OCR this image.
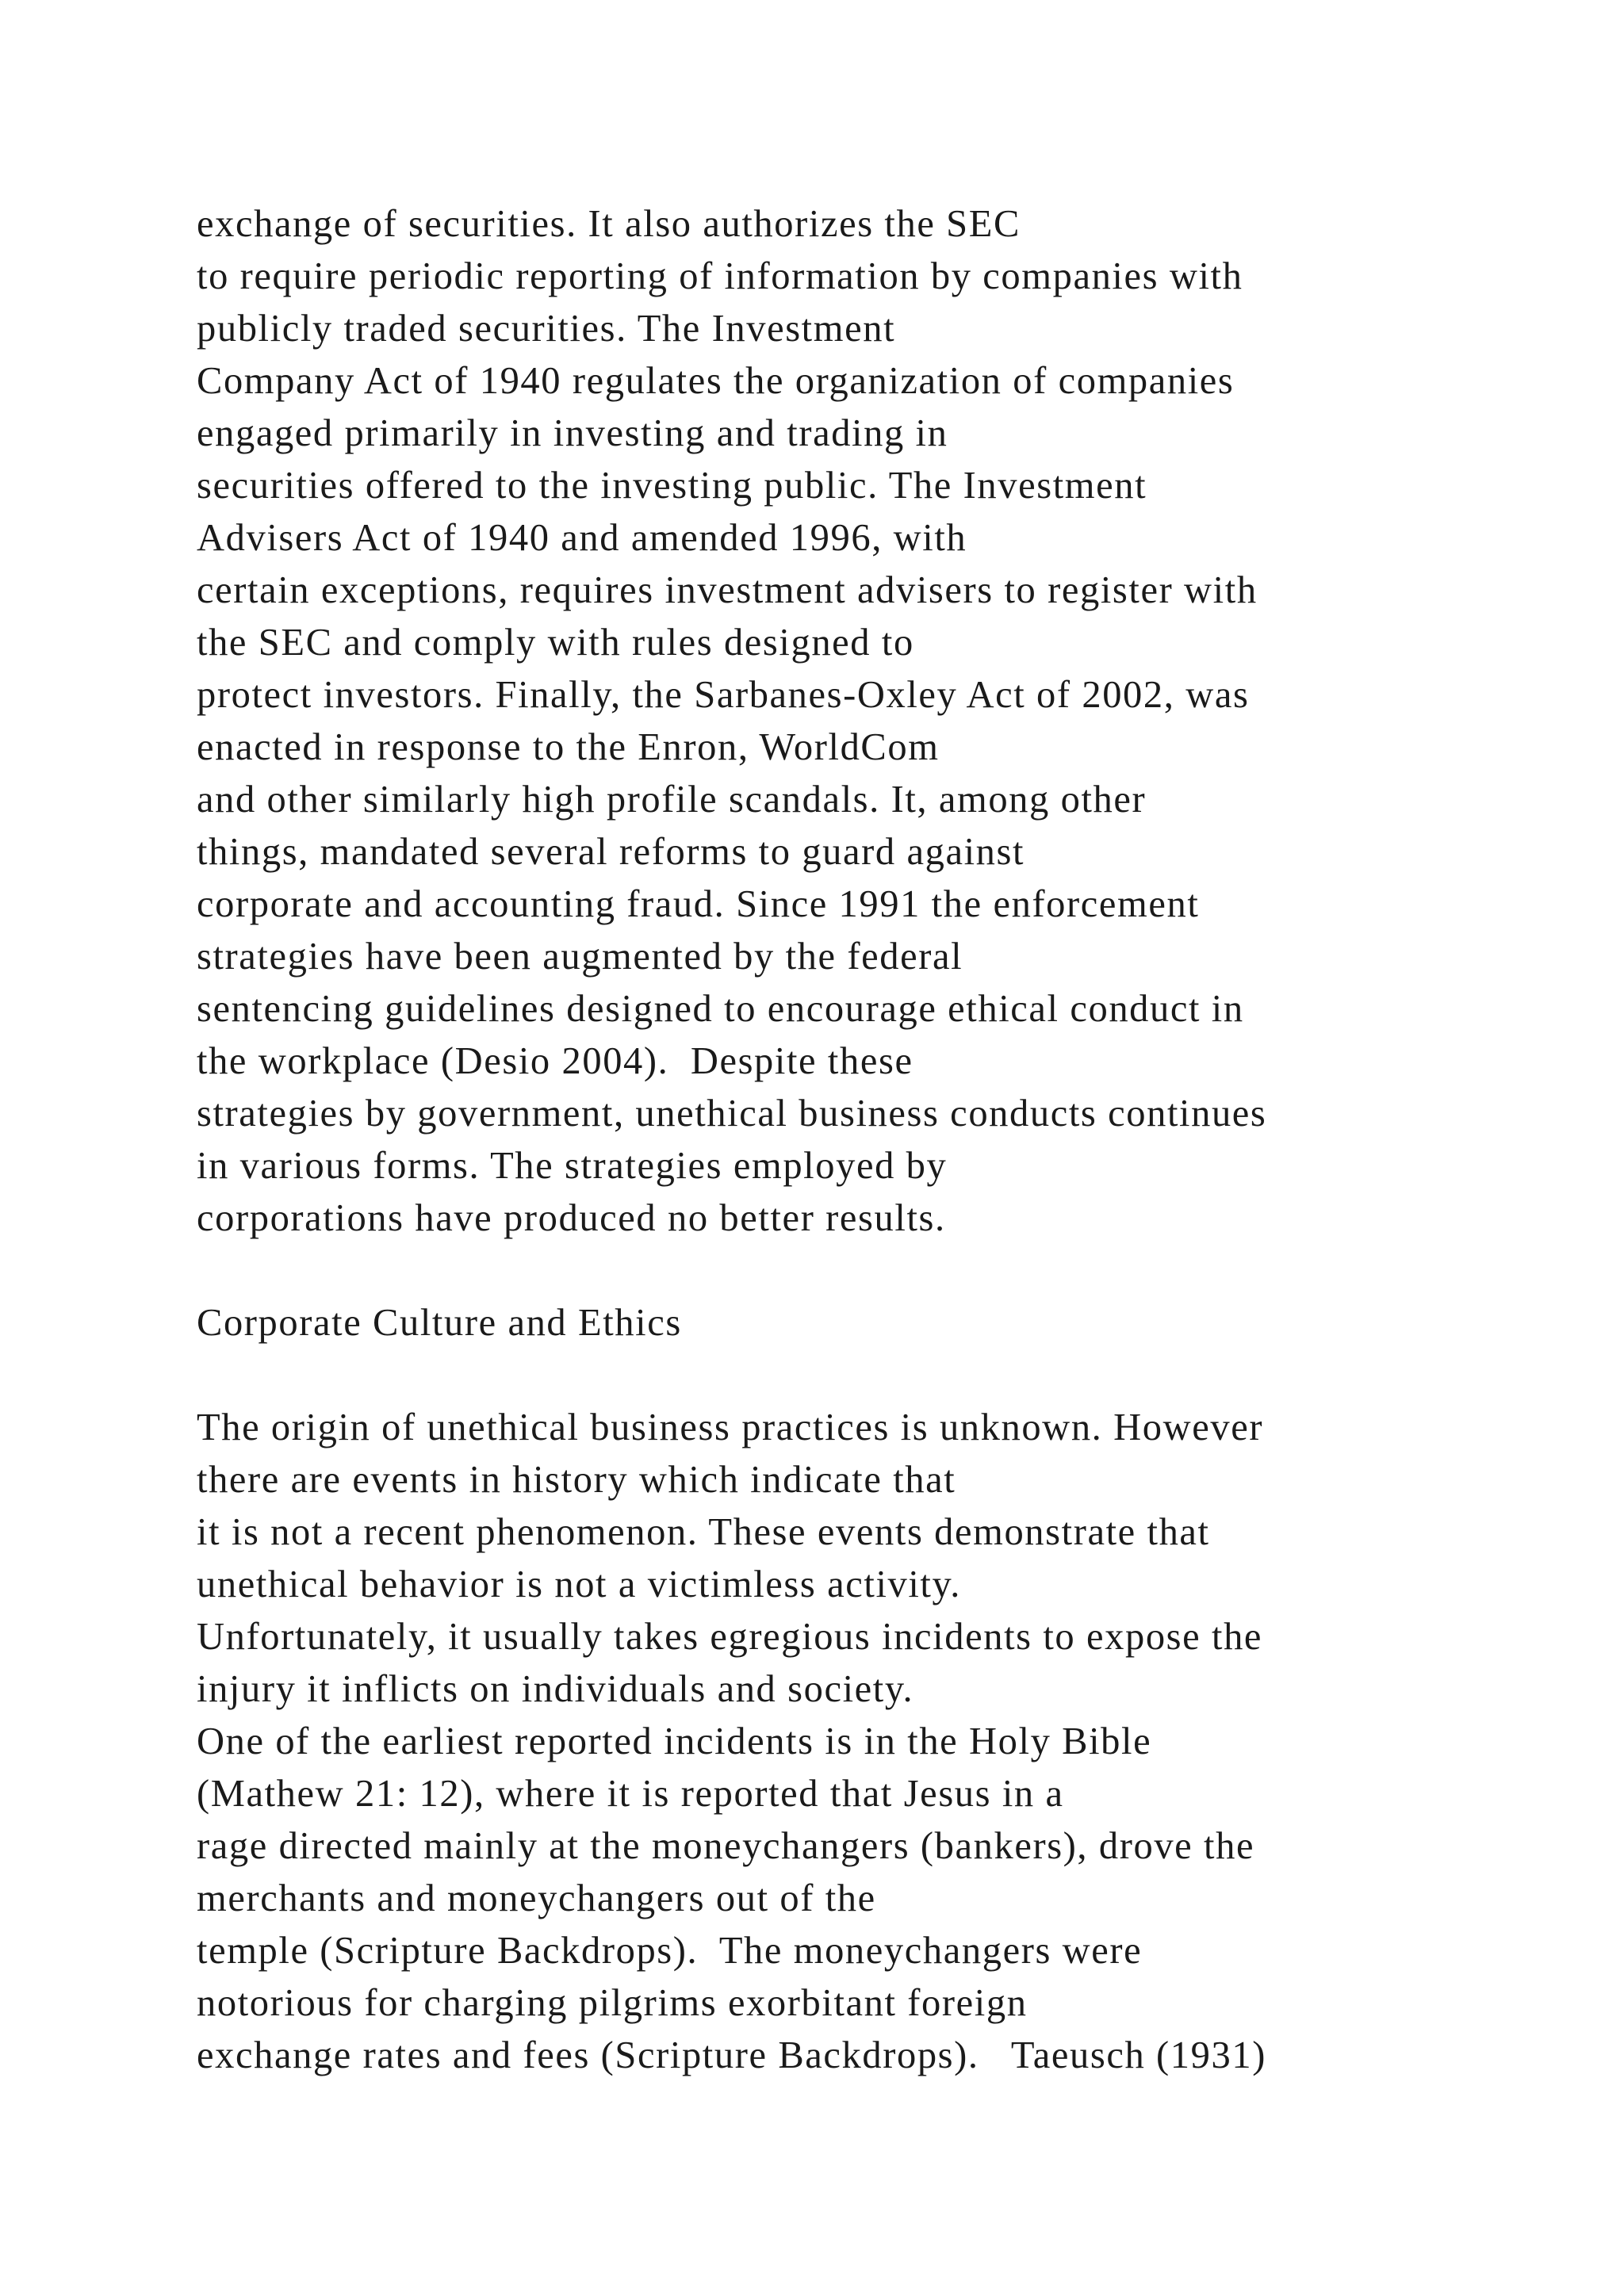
exchange of securities. It also authorizes the SEC
to require periodic reporting of information by companies with
publicly traded securities. The Investment
Company Act of 1940 regulates the organization of companies
engaged primarily in investing and trading in
securities offered to the investing public. The Investment
Advisers Act of 1940 and amended 1996, with
certain exceptions, requires investment advisers to register with
the SEC and comply with rules designed to
protect investors. Finally, the Sarbanes-Oxley Act of 2002, was
enacted in response to the Enron, WorldCom
and other similarly high profile scandals. It, among other
things, mandated several reforms to guard against
corporate and accounting fraud. Since 1991 the enforcement
strategies have been augmented by the federal
sentencing guidelines designed to encourage ethical conduct in
the workplace (Desio 2004).  Despite these
strategies by government, unethical business conducts continues
in various forms. The strategies employed by
corporations have produced no better results.
Corporate Culture and Ethics
The origin of unethical business practices is unknown. However
there are events in history which indicate that
it is not a recent phenomenon. These events demonstrate that
unethical behavior is not a victimless activity.
Unfortunately, it usually takes egregious incidents to expose the
injury it inflicts on individuals and society.
One of the earliest reported incidents is in the Holy Bible
(Mathew 21: 12), where it is reported that Jesus in a
rage directed mainly at the moneychangers (bankers), drove the
merchants and moneychangers out of the
temple (Scripture Backdrops).  The moneychangers were
notorious for charging pilgrims exorbitant foreign
exchange rates and fees (Scripture Backdrops).   Taeusch (1931)
